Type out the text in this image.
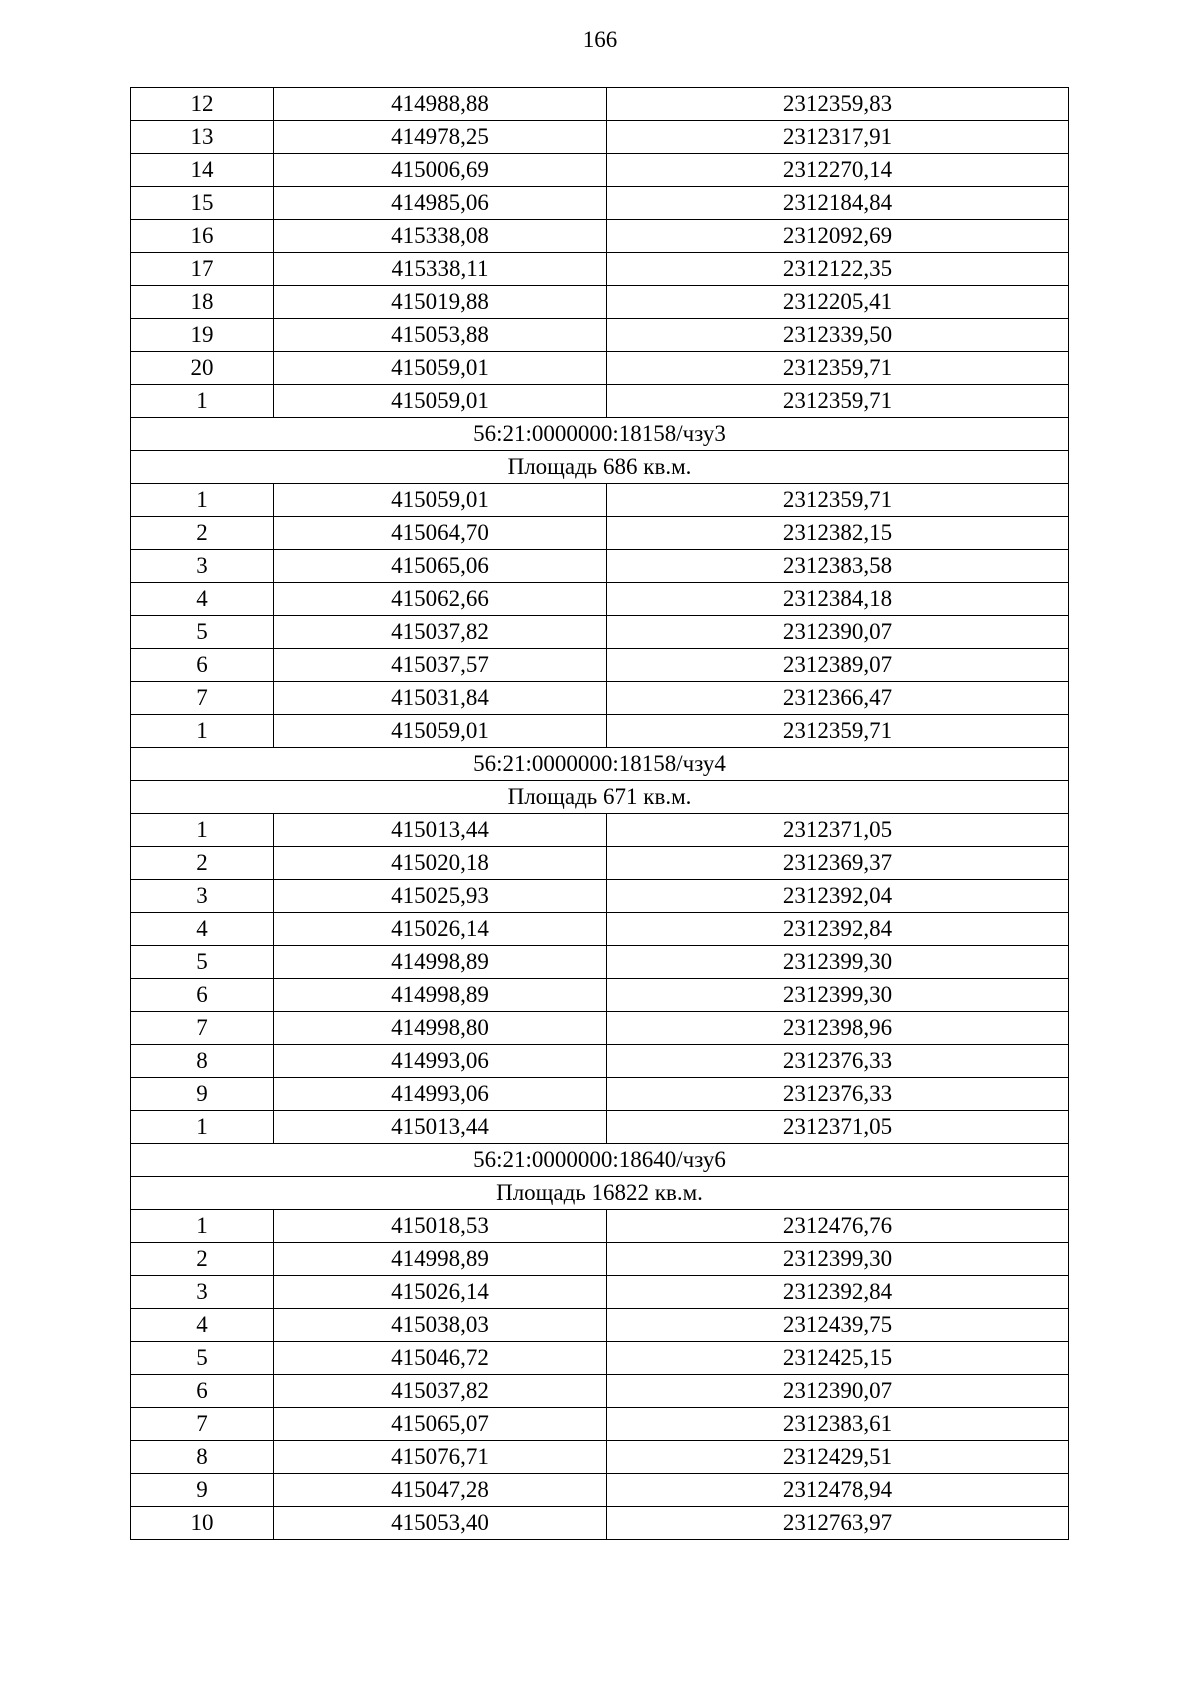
166
12	414988,88	2312359,83
13	414978,25	2312317,91
14	415006,69	2312270,14
15	414985,06	2312184,84
16	415338,08	2312092,69
17	415338,11	2312122,35
18	415019,88	2312205,41
19	415053,88	2312339,50
20	415059,01	2312359,71
1	415059,01	2312359,71
56:21:0000000:18158/чзу3		
Площадь 686 кв.м.		
1	415059,01	2312359,71
2	415064,70	2312382,15
3	415065,06	2312383,58
4	415062,66	2312384,18
5	415037,82	2312390,07
6	415037,57	2312389,07
7	415031,84	2312366,47
1	415059,01	2312359,71
56:21:0000000:18158/чзу4		
Площадь 671 кв.м.		
1	415013,44	2312371,05
2	415020,18	2312369,37
3	415025,93	2312392,04
4	415026,14	2312392,84
5	414998,89	2312399,30
6	414998,89	2312399,30
7	414998,80	2312398,96
8	414993,06	2312376,33
9	414993,06	2312376,33
1	415013,44	2312371,05
56:21:0000000:18640/чзу6		
Площадь 16822 кв.м.		
1	415018,53	2312476,76
2	414998,89	2312399,30
3	415026,14	2312392,84
4	415038,03	2312439,75
5	415046,72	2312425,15
6	415037,82	2312390,07
7	415065,07	2312383,61
8	415076,71	2312429,51
9	415047,28	2312478,94
10	415053,40	2312763,97
